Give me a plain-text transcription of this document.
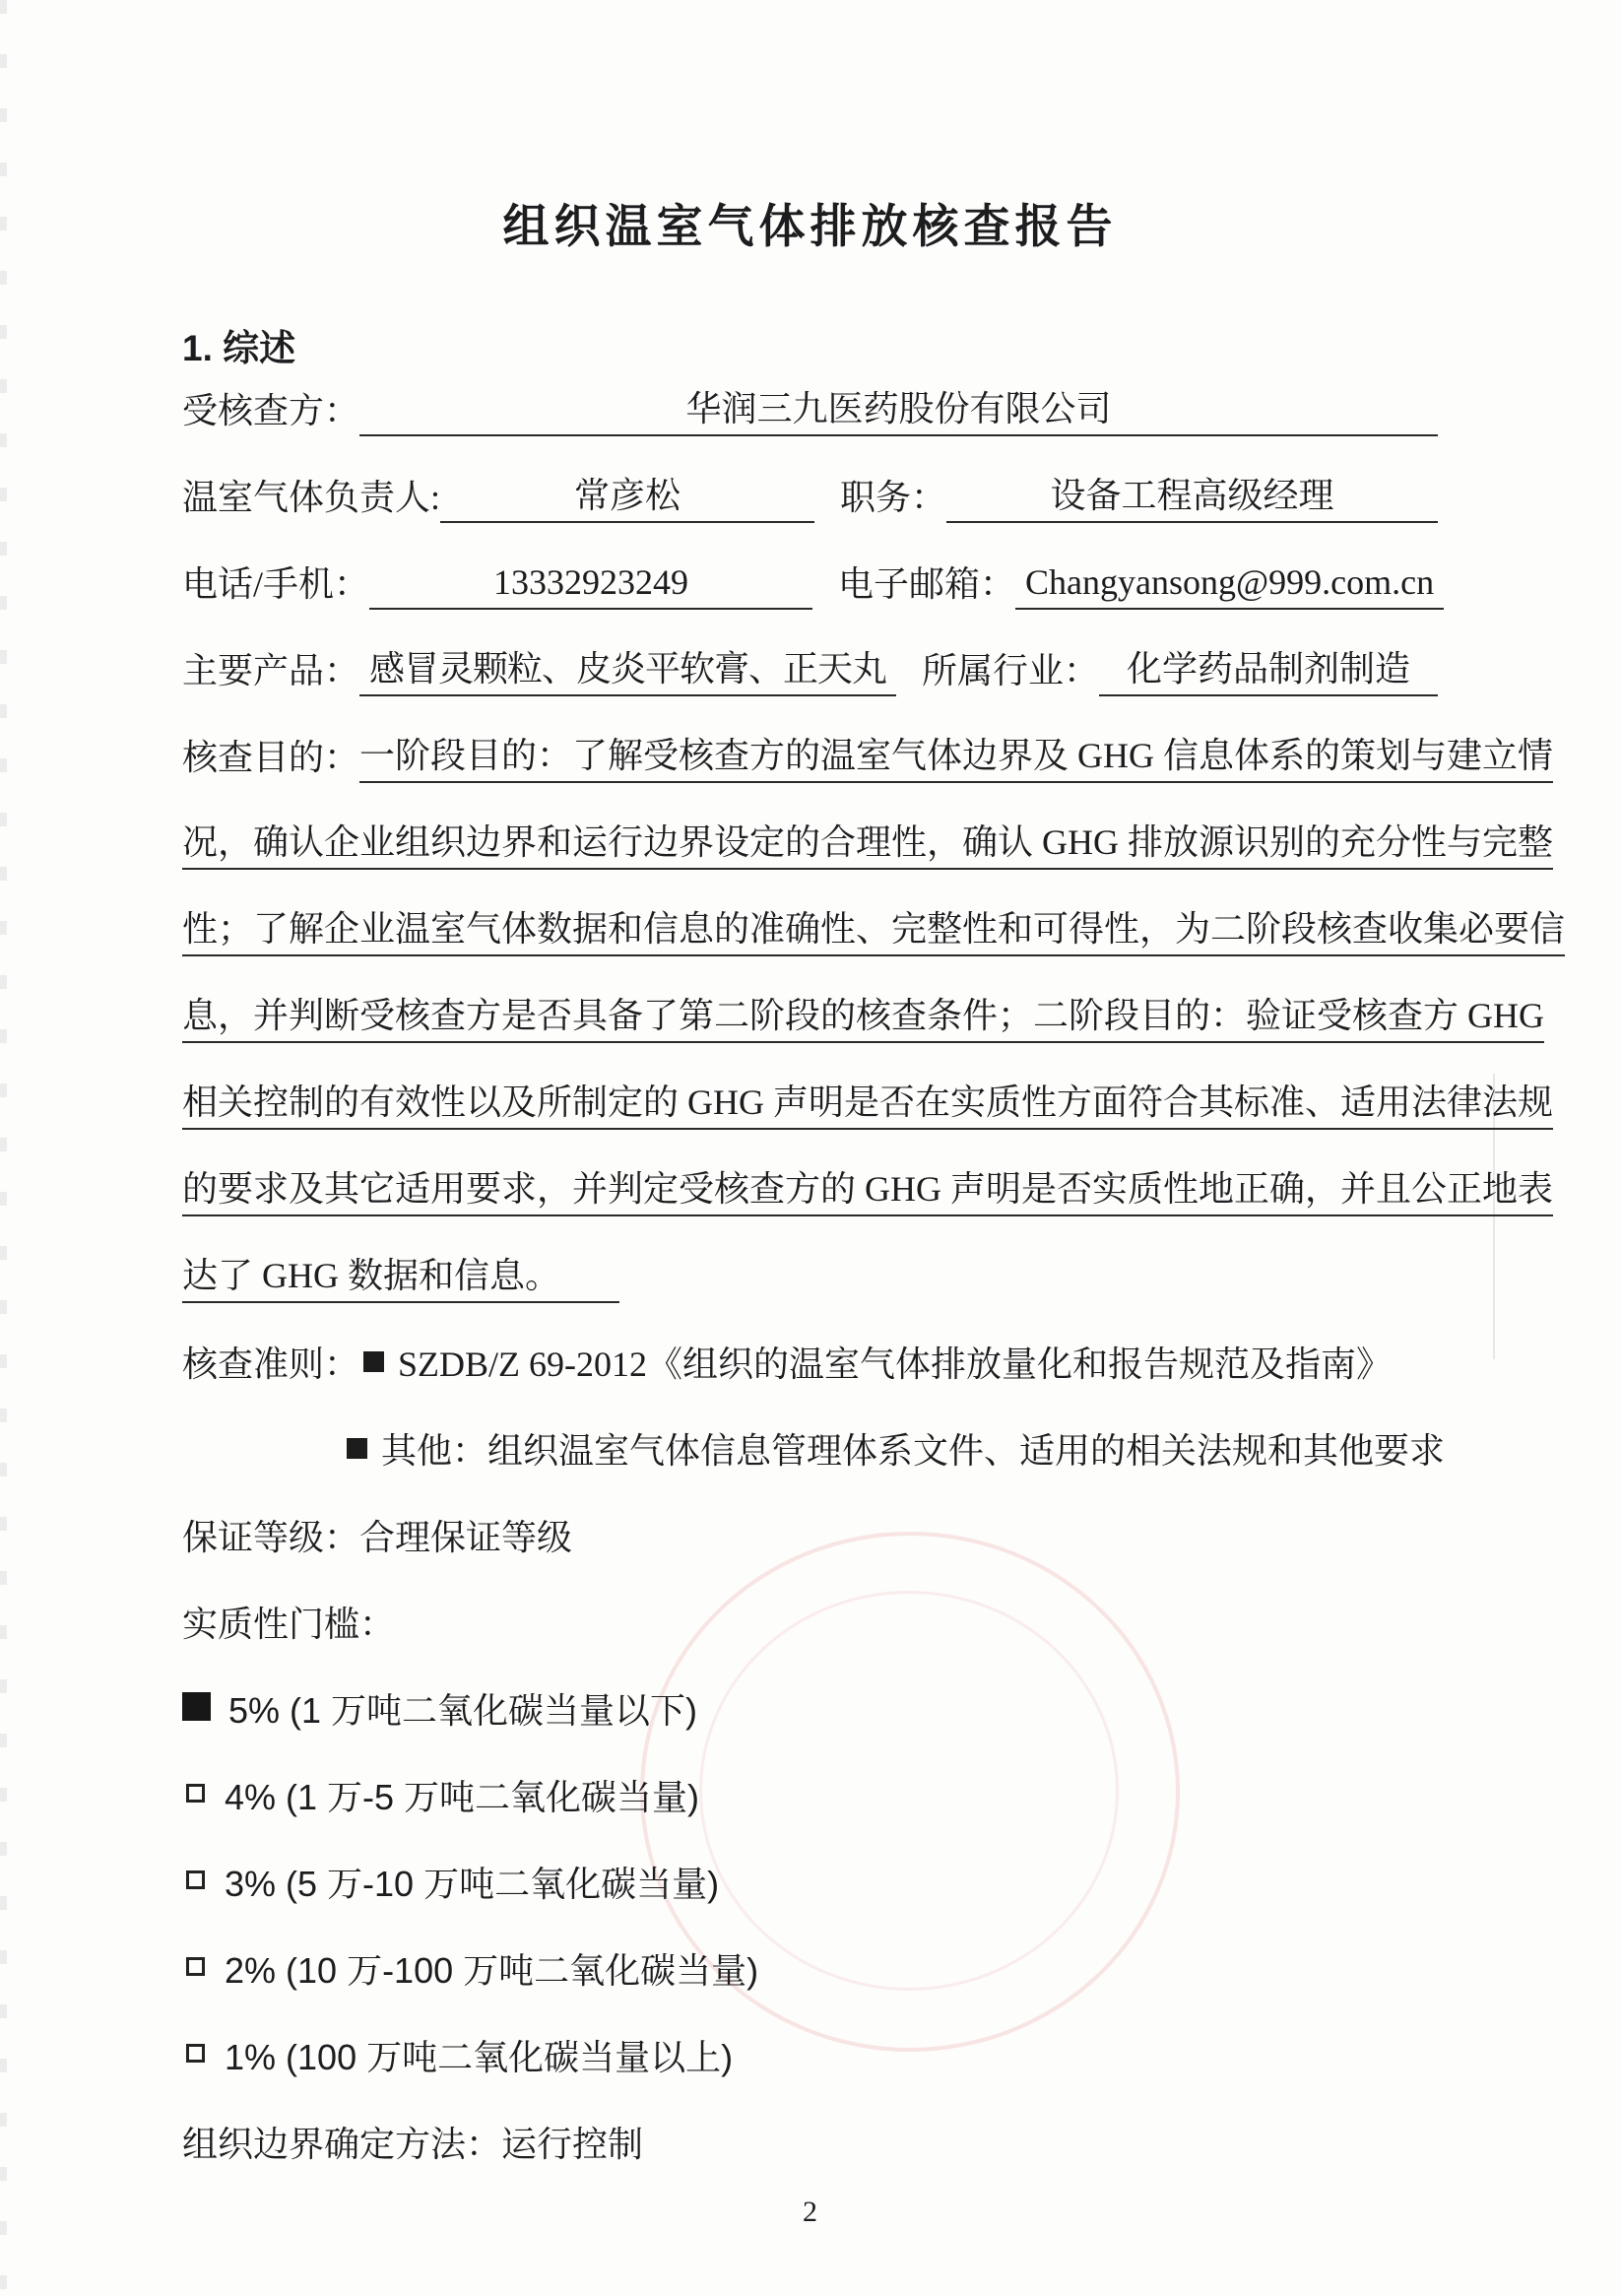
组织温室气体排放核查报告
1. 综述
受核查方：	华润三九医药股份有限公司
温室气体负责人:	常彦松	职务：	设备工程高级经理
电话/手机：	13332923249	电子邮箱： Changyansong@999.com.cn
主要产品： 感冒灵颗粒、皮炎平软膏、正天丸 所属行业： 化学药品制剂制造
核查目的： 一阶段目的：了解受核查方的温室气体边界及 GHG 信息体系的策划与建立情
况，确认企业组织边界和运行边界设定的合理性，确认 GHG 排放源识别的充分性与完整
性；了解企业温室气体数据和信息的准确性、完整性和可得性，为二阶段核查收集必要信
息，并判断受核查方是否具备了第二阶段的核查条件；二阶段目的：验证受核查方 GHG
相关控制的有效性以及所制定的 GHG 声明是否在实质性方面符合其标准、适用法律法规
的要求及其它适用要求，并判定受核查方的 GHG 声明是否实质性地正确，并且公正地表
达了 GHG 数据和信息。
核查准则：	SZDB/Z 69-2012《组织的温室气体排放量化和报告规范及指南》
其他：组织温室气体信息管理体系文件、适用的相关法规和其他要求
保证等级： 合理保证等级
实质性门槛：
5% (1 万吨二氧化碳当量以下)
4% (1 万-5 万吨二氧化碳当量)
3% (5 万-10 万吨二氧化碳当量)
2% (10 万-100 万吨二氧化碳当量)
1% (100 万吨二氧化碳当量以上)
组织边界确定方法： 运行控制
2
